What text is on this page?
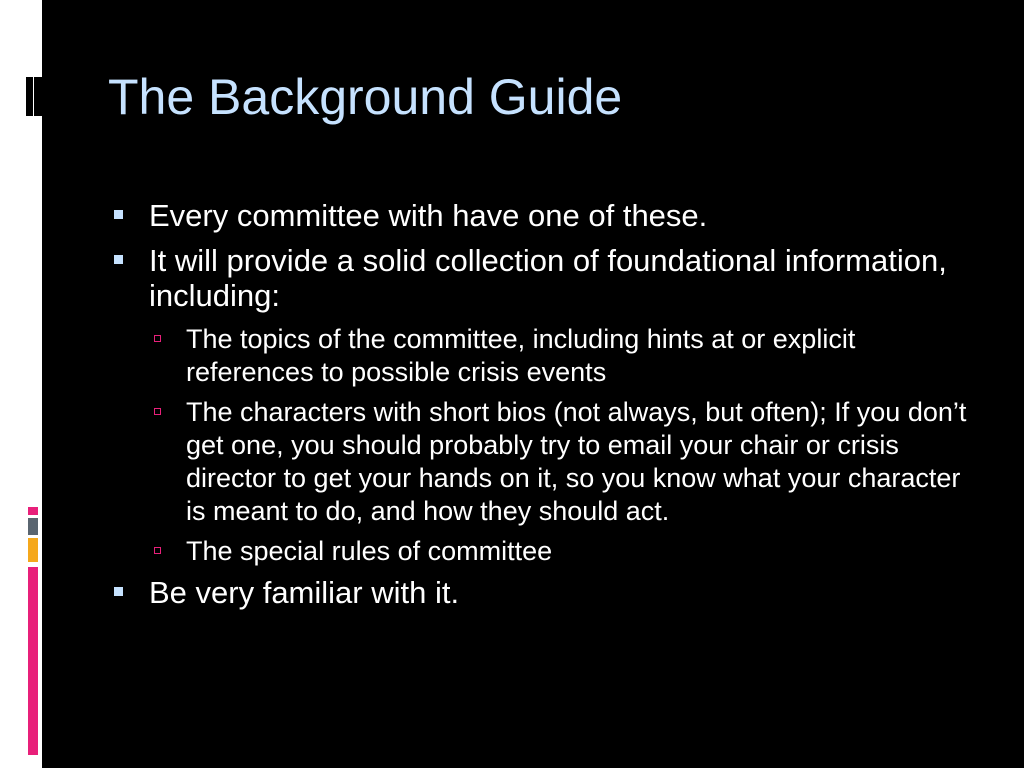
The Background Guide
Every committee with have one of these.
It will provide a solid collection of foundational information, including:
The topics of the committee, including hints at or explicit references to possible crisis events
The characters with short bios (not always, but often); If you don’t get one, you should probably try to email your chair or crisis director to get your hands on it, so you know what your character is meant to do, and how they should act.
The special rules of committee
Be very familiar with it.
